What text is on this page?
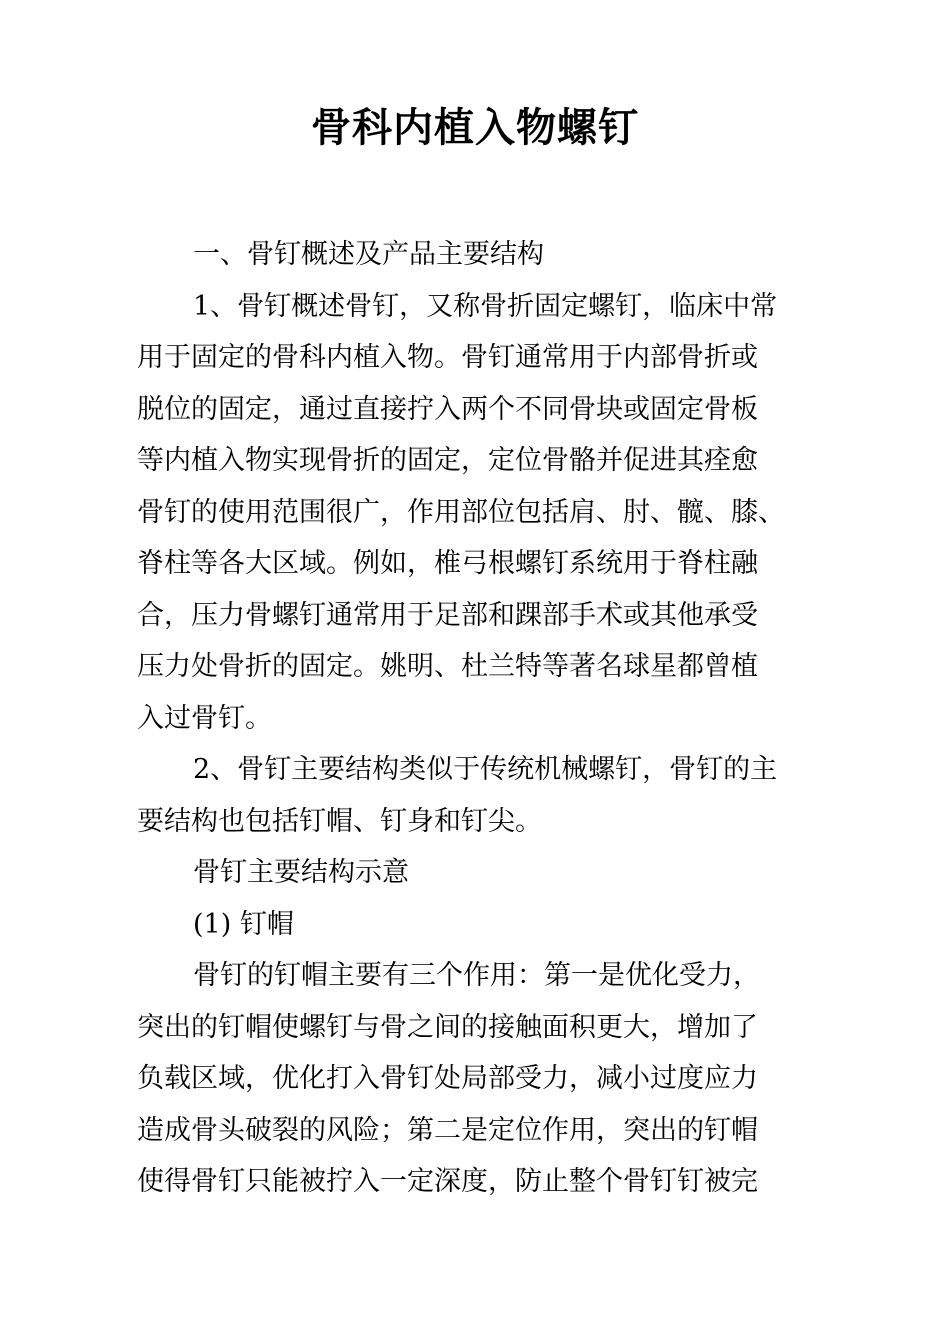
骨科内植入物螺钉
一、骨钉概述及产品主要结构
1、骨钉概述骨钉，又称骨折固定螺钉，临床中常
用于固定的骨科内植入物。骨钉通常用于内部骨折或
脱位的固定，通过直接拧入两个不同骨块或固定骨板
等内植入物实现骨折的固定，定位骨骼并促进其痊愈
骨钉的使用范围很广，作用部位包括肩、肘、髋、膝、
脊柱等各大区域。例如，椎弓根螺钉系统用于脊柱融
合，压力骨螺钉通常用于足部和踝部手术或其他承受
压力处骨折的固定。姚明、杜兰特等著名球星都曾植
入过骨钉。
2、骨钉主要结构类似于传统机械螺钉，骨钉的主
要结构也包括钉帽、钉身和钉尖。
骨钉主要结构示意
(1) 钉帽
骨钉的钉帽主要有三个作用：第一是优化受力，
突出的钉帽使螺钉与骨之间的接触面积更大，增加了
负载区域，优化打入骨钉处局部受力，减小过度应力
造成骨头破裂的风险；第二是定位作用，突出的钉帽
使得骨钉只能被拧入一定深度，防止整个骨钉钉被完
